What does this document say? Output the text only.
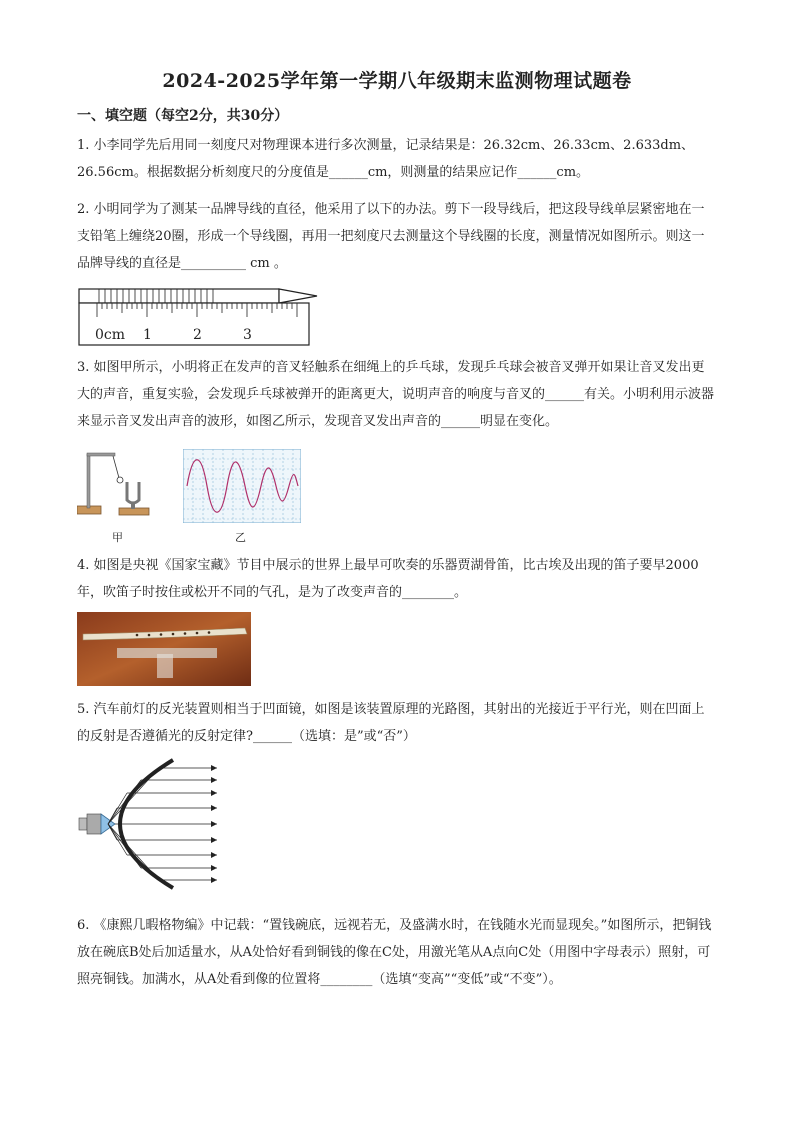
2024-2025学年第一学期八年级期末监测物理试题卷
一、填空题（每空2分，共30分）
1. 小李同学先后用同一刻度尺对物理课本进行多次测量，记录结果是：26.32cm、26.33cm、2.633dm、26.56cm。根据数据分析刻度尺的分度值是______cm，则测量的结果应记作______cm。
2. 小明同学为了测某一品牌导线的直径，他采用了以下的办法。剪下一段导线后，把这段导线单层紧密地在一支铅笔上缠绕20圈，形成一个导线圈，再用一把刻度尺去测量这个导线圈的长度，测量情况如图所示。则这一品牌导线的直径是__________ cm 。
0cm 1	2	3
3. 如图甲所示，小明将正在发声的音叉轻触系在细绳上的乒乓球，发现乒乓球会被音叉弹开如果让音叉发出更大的声音，重复实验，会发现乒乓球被弹开的距离更大，说明声音的响度与音叉的______有关。小明利用示波器来显示音叉发出声音的波形，如图乙所示，发现音叉发出声音的______明显在变化。
甲	乙
4. 如图是央视《国家宝藏》节目中展示的世界上最早可吹奏的乐器贾湖骨笛，比古埃及出现的笛子要早2000年，吹笛子时按住或松开不同的气孔，是为了改变声音的________。
5. 汽车前灯的反光装置则相当于凹面镜，如图是该装置原理的光路图，其射出的光接近于平行光，则在凹面上的反射是否遵循光的反射定律?______（选填：是”或“否”）
6. 《康熙几暇格物编》中记载：“置钱碗底，远视若无，及盛满水时，在钱随水光而显现矣。”如图所示，把铜钱放在碗底B处后加适量水，从A处恰好看到铜钱的像在C处，用激光笔从A点向C处（用图中字母表示）照射，可照亮铜钱。加满水，从A处看到像的位置将________（选填“变高”“变低”或“不变”）。
